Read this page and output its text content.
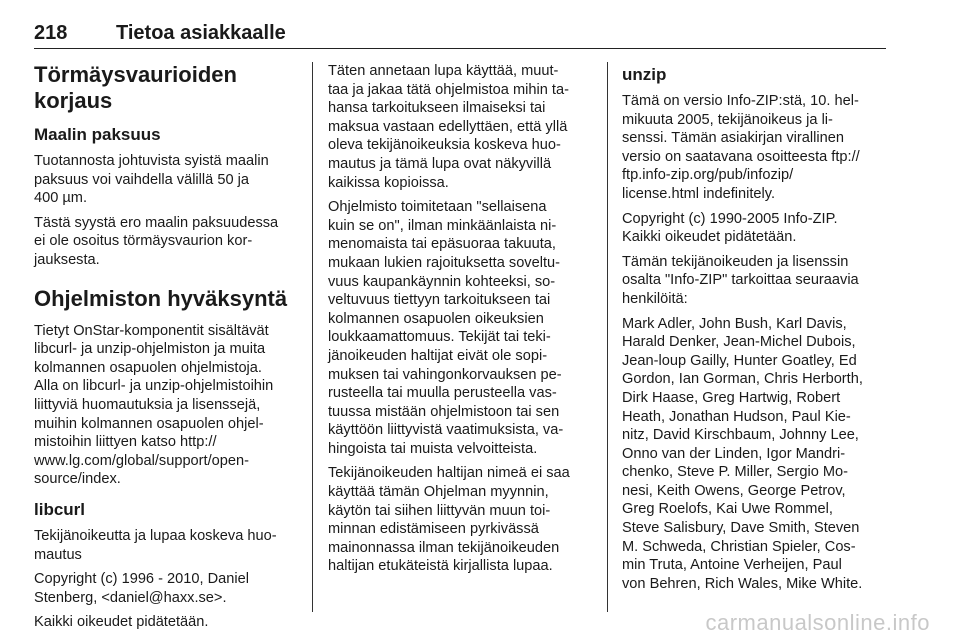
218 Tietoa asiakkaalle
Törmäysvaurioiden korjaus
Maalin paksuus

Tuotannosta johtuvista syistä maalin
paksuus voi vaihdella välillä 50 ja
400 µm.

Tästä syystä ero maalin paksuudessa
ei ole osoitus törmäysvaurion kor-
jauksesta.

Ohjelmiston hyväksyntä

Tietyt OnStar-komponentit sisältävät
libcurl- ja unzip-ohjelmiston ja muita
kolmannen osapuolen ohjelmistoja.
Alla on libcurl- ja unzip-ohjelmistoihin
liittyviä huomautuksia ja lisenssejä,
muihin kolmannen osapuolen ohjel-
mistoihin liittyen katso http://
www.lg.com/global/support/open-
source/index.

libcurl

Tekijänoikeutta ja lupaa koskeva huo-
mautus

Copyright (c) 1996 - 2010, Daniel
Stenberg, <daniel@haxx.se>.

Kaikki oikeudet pidätetään.

Täten annetaan lupa käyttää, muut-
taa ja jakaa tätä ohjelmistoa mihin ta-
hansa tarkoitukseen ilmaiseksi tai
maksua vastaan edellyttäen, että yllä
oleva tekijänoikeuksia koskeva huo-
mautus ja tämä lupa ovat näkyvillä
kaikissa kopioissa.

Ohjelmisto toimitetaan "sellaisena
kuin se on", ilman minkäänlaista ni-
menomaista tai epäsuoraa takuuta,
mukaan lukien rajoituksetta soveltu-
vuus kaupankäynnin kohteeksi, so-
veltuvuus tiettyyn tarkoitukseen tai
kolmannen osapuolen oikeuksien
loukkaamattomuus. Tekijät tai teki-
jänoikeuden haltijat eivät ole sopi-
muksen tai vahingonkorvauksen pe-
rusteella tai muulla perusteella vas-
tuussa mistään ohjelmistoon tai sen
käyttöön liittyvistä vaatimuksista, va-
hingoista tai muista velvoitteista.

Tekijänoikeuden haltijan nimeä ei saa
käyttää tämän Ohjelman myynnin,
käytön tai siihen liittyvän muun toi-
minnan edistämiseen pyrkivässä
mainonnassa ilman tekijänoikeuden
haltijan etukäteistä kirjallista lupaa.

unzip

Tämä on versio Info-ZIP:stä, 10. hel-
mikuuta 2005, tekijänoikeus ja li-
senssi. Tämän asiakirjan virallinen
versio on saatavana osoitteesta ftp://
ftp.info-zip.org/pub/infozip/
license.html indefinitely.

Copyright (c) 1990-2005 Info-ZIP.
Kaikki oikeudet pidätetään.

Tämän tekijänoikeuden ja lisenssin
osalta "Info-ZIP" tarkoittaa seuraavia
henkilöitä:

Mark Adler, John Bush, Karl Davis,
Harald Denker, Jean-Michel Dubois,
Jean-loup Gailly, Hunter Goatley, Ed
Gordon, Ian Gorman, Chris Herborth,
Dirk Haase, Greg Hartwig, Robert
Heath, Jonathan Hudson, Paul Kie-
nitz, David Kirschbaum, Johnny Lee,
Onno van der Linden, Igor Mandri-
chenko, Steve P. Miller, Sergio Mo-
nesi, Keith Owens, George Petrov,
Greg Roelofs, Kai Uwe Rommel,
Steve Salisbury, Dave Smith, Steven
M. Schweda, Christian Spieler, Cos-
min Truta, Antoine Verheijen, Paul
von Behren, Rich Wales, Mike White.

carmanualsonline.info
